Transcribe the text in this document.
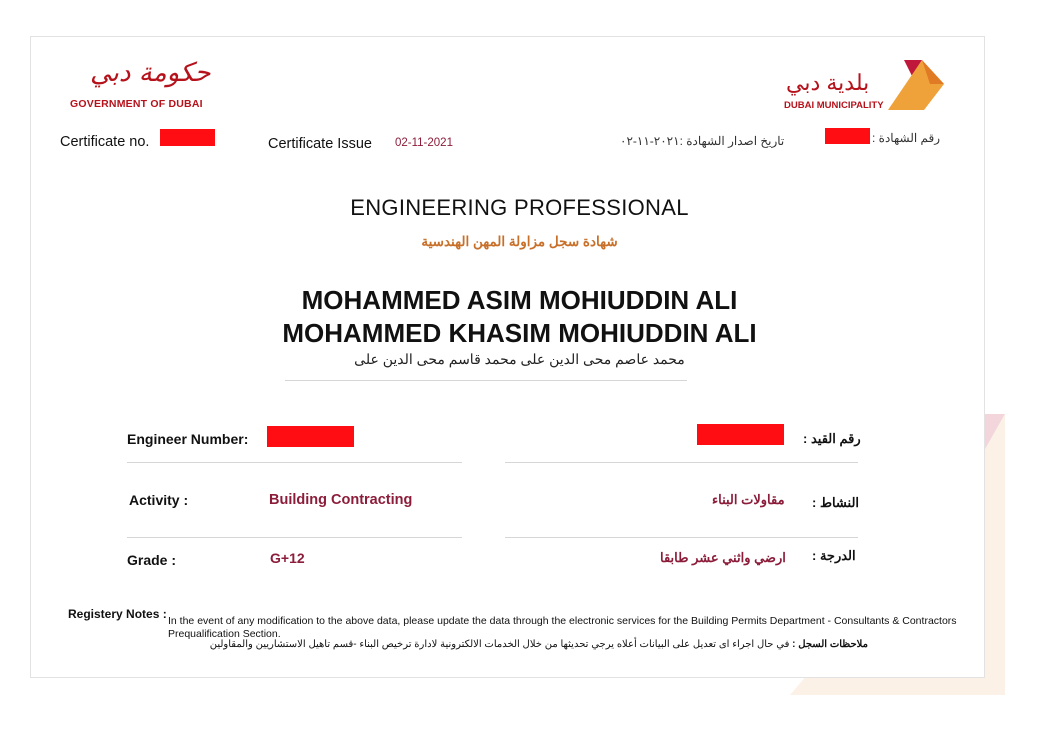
حكومة دبي
GOVERNMENT OF DUBAI
بلدية دبي
DUBAI MUNICIPALITY
Certificate no.	Certificate Issue 02-11-2021	تاريخ اصدار الشهادة :٢٠٢١-١١-٠٢	رقم الشهادة :
ENGINEERING PROFESSIONAL
شهادة سجل مزاولة المهن الهندسية
MOHAMMED ASIM MOHIUDDIN ALI
MOHAMMED KHASIM MOHIUDDIN ALI
محمد عاصم محى الدين على محمد قاسم محى الدين على
Engineer Number:	رقم القيد :
Activity :	Building Contracting	مقاولات البناء النشاط :
Grade :	G+12	ارضي واثني عشر طابقا الدرجة :
Registery Notes : In the event of any modification to the above data, please update the data through the electronic services for the Building Permits Department - Consultants & Contractors Prequalification Section.
ملاحظات السجل : في حال اجراء اى تعديل على البيانات أعلاه يرجي تحديثها من خلال الخدمات الالكترونية لادارة ترخيص البناء -قسم تاهيل الاستشاريين والمقاولين
